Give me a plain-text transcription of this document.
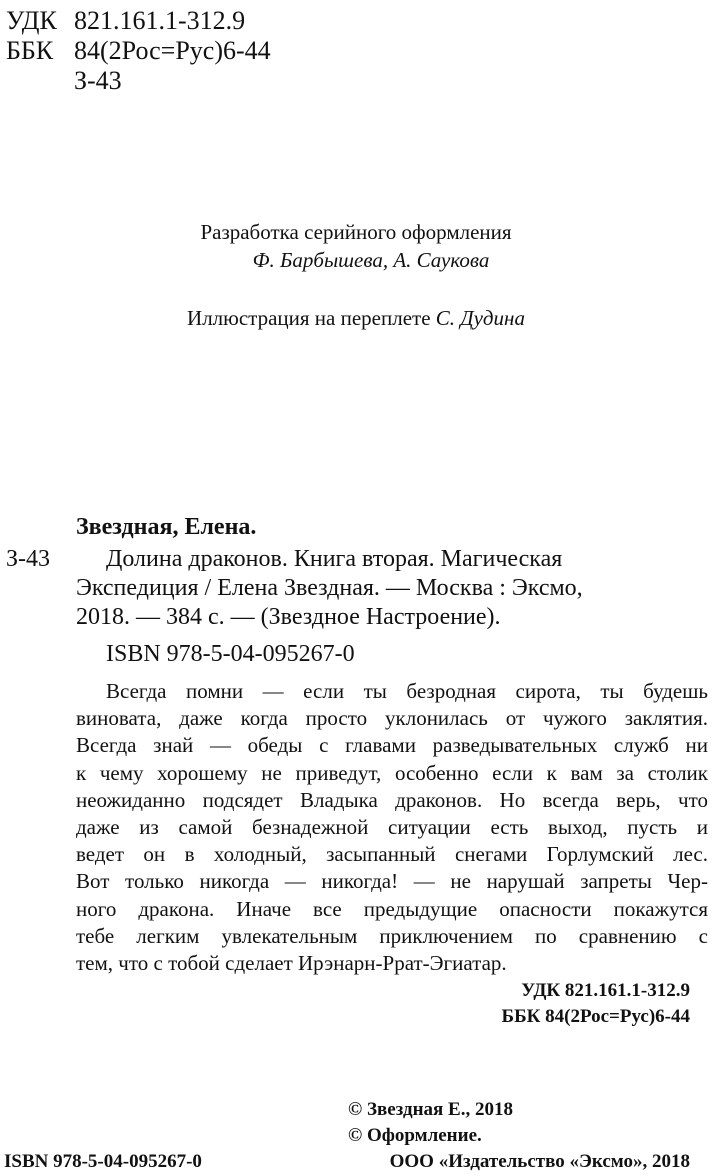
УДК 821.161.1-312.9
ББК 84(2Рос=Рус)6-44
З-43
Разработка серийного оформления
Ф. Барбышева, А. Саукова
Иллюстрация на переплете С. Дудина
Звездная, Елена.
З-43	Долина драконов. Книга вторая. Магическая
Экспедиция / Елена Звездная. — Москва : Эксмо,
2018. — 384 с. — (Звездное Настроение).
ISBN 978-5-04-095267-0
Всегда помни — если ты безродная сирота, ты будешь
виновата, даже когда просто уклонилась от чужого заклятия.
Всегда знай — обеды с главами разведывательных служб ни
к чему хорошему не приведут, особенно если к вам за столик
неожиданно подсядет Владыка драконов. Но всегда верь, что
даже из самой безнадежной ситуации есть выход, пусть и
ведет он в холодный, засыпанный снегами Горлумский лес.
Вот только никогда — никогда! — не нарушай запреты Чер-
ного дракона. Иначе все предыдущие опасности покажутся
тебе легким увлекательным приключением по сравнению с
тем, что с тобой сделает Ирэнарн-Ррат-Эгиатар.
УДК 821.161.1-312.9
ББК 84(2Рос=Рус)6-44
© Звездная Е., 2018
© Оформление.
ISBN 978-5-04-095267-0	ООО «Издательство «Эксмо», 2018
